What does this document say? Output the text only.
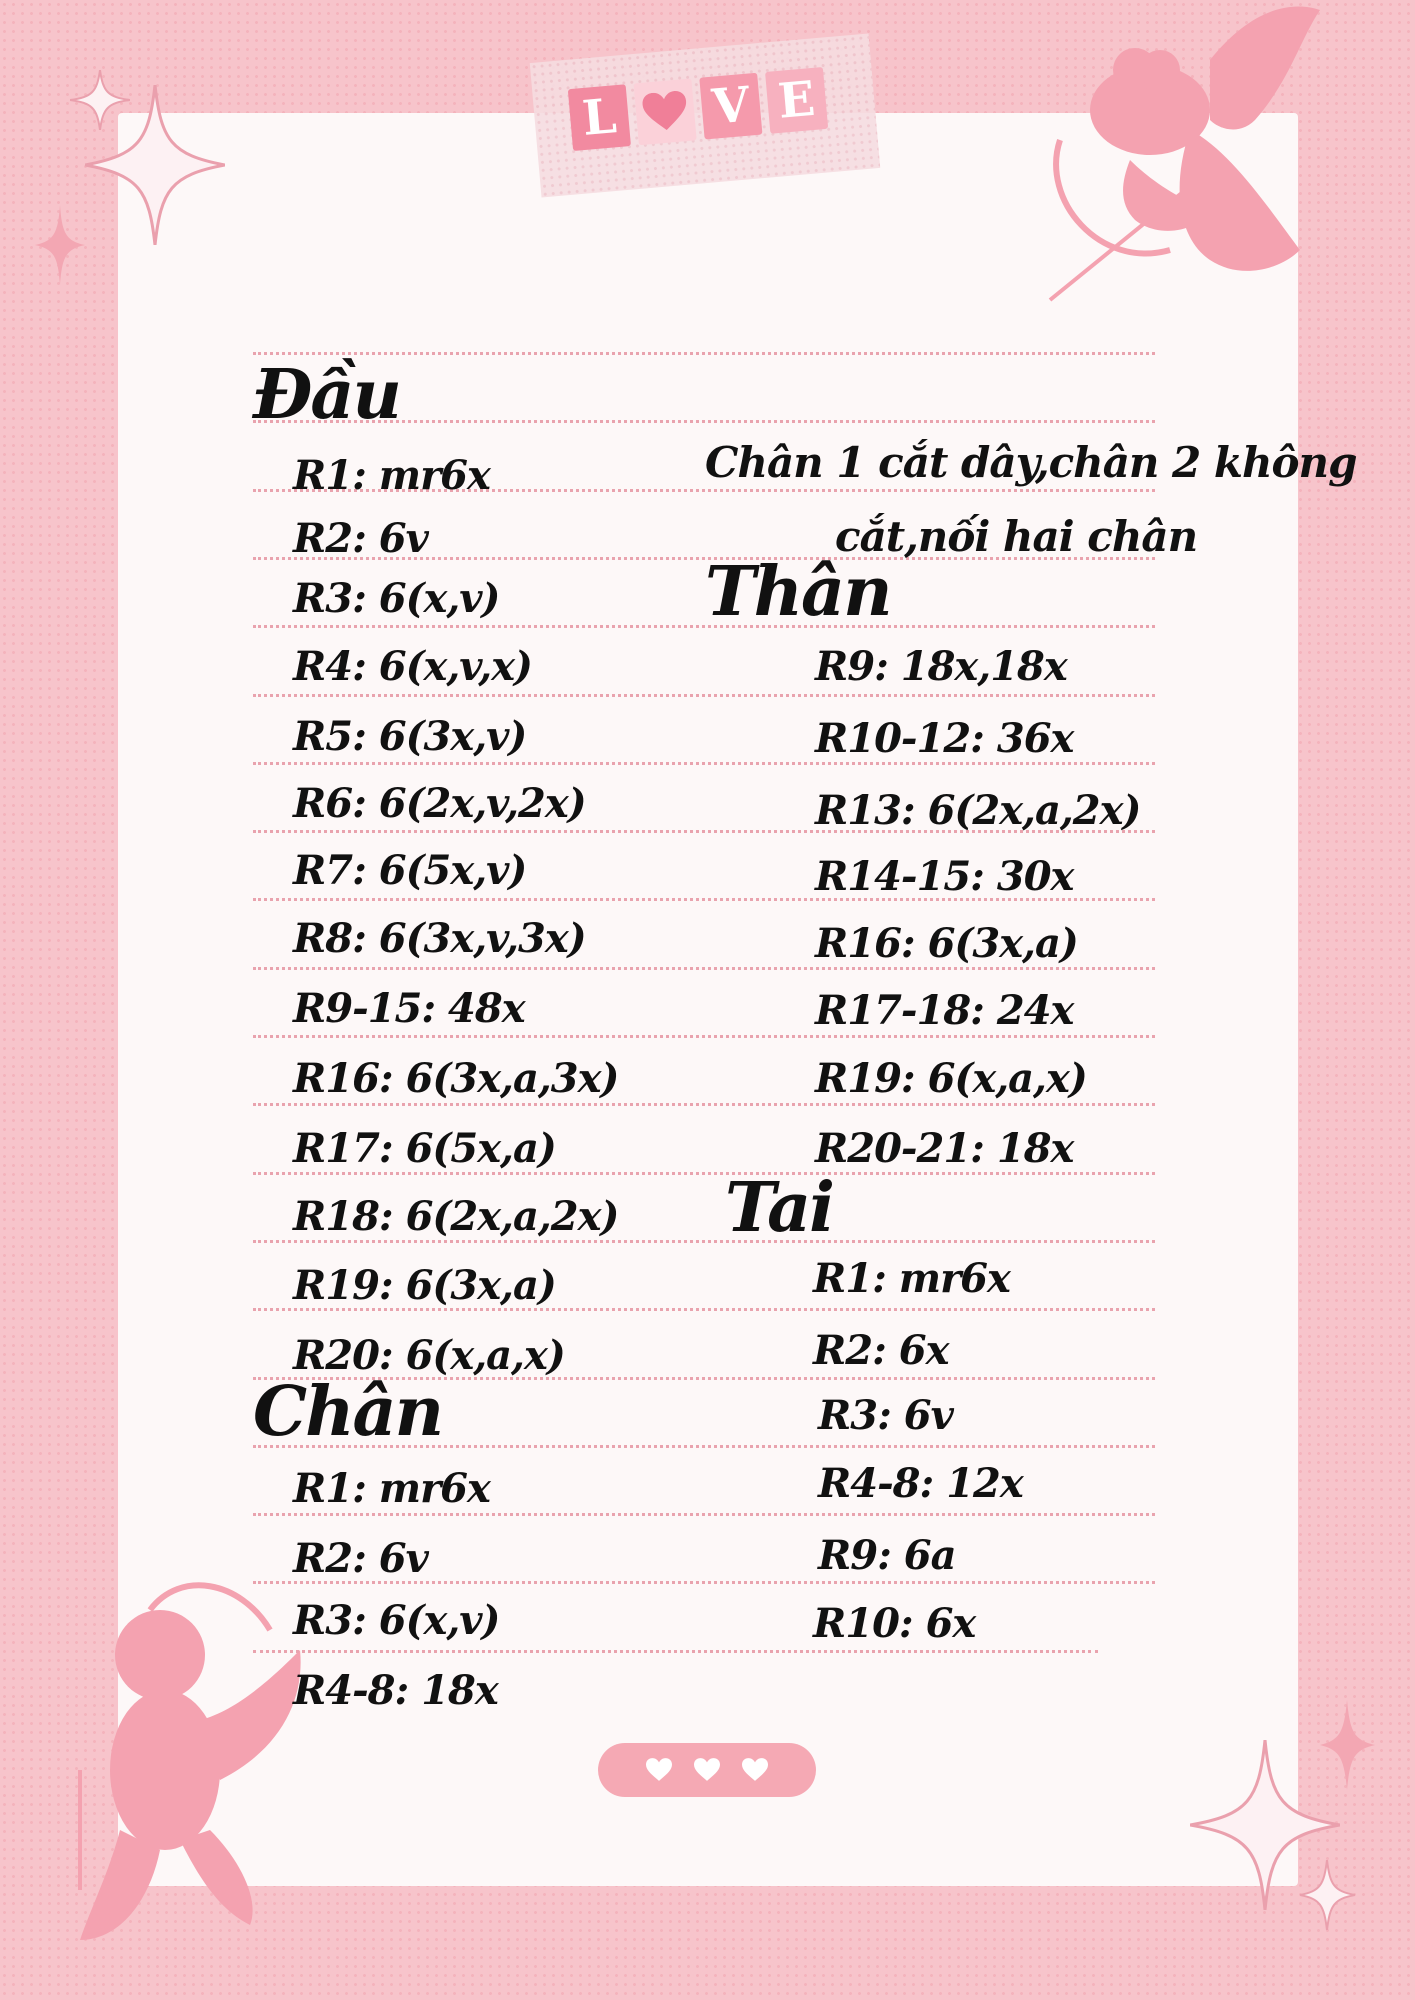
L V E
Đầu
R1: mr6x
R2: 6v
R3: 6(x,v)
R4: 6(x,v,x)
R5: 6(3x,v)
R6: 6(2x,v,2x)
R7: 6(5x,v)
R8: 6(3x,v,3x)
R9-15: 48x
R16: 6(3x,a,3x)
R17: 6(5x,a)
R18: 6(2x,a,2x)
R19: 6(3x,a)
R20: 6(x,a,x)
Chân
R1: mr6x
R2: 6v
R3: 6(x,v)
R4-8: 18x
Chân 1 cắt dây,chân 2 không
cắt,nối hai chân
Thân
R9: 18x,18x
R10-12: 36x
R13: 6(2x,a,2x)
R14-15: 30x
R16: 6(3x,a)
R17-18: 24x
R19: 6(x,a,x)
R20-21: 18x
Tai
R1: mr6x
R2: 6x
R3: 6v
R4-8: 12x
R9: 6a
R10: 6x
